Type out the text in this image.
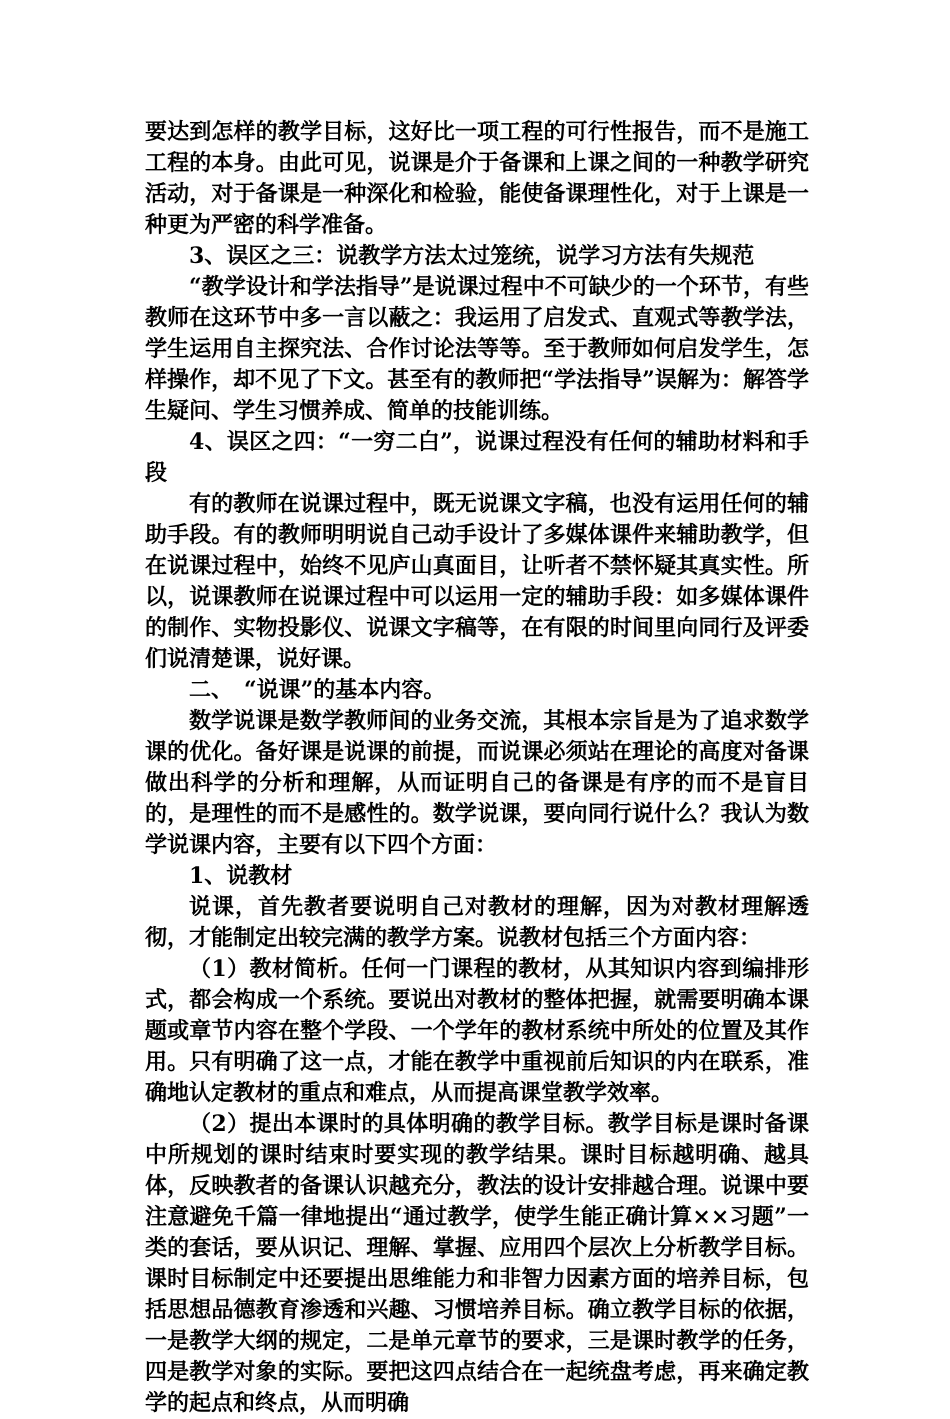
要达到怎样的教学目标，这好比一项工程的可行性报告，而不是施工工程的本身。由此可见，说课是介于备课和上课之间的一种教学研究活动，对于备课是一种深化和检验，能使备课理性化，对于上课是一种更为严密的科学准备。

3、误区之三：说教学方法太过笼统，说学习方法有失规范

“教学设计和学法指导”是说课过程中不可缺少的一个环节，有些教师在这环节中多一言以蔽之：我运用了启发式、直观式等教学法，学生运用自主探究法、合作讨论法等等。至于教师如何启发学生，怎样操作，却不见了下文。甚至有的教师把“学法指导”误解为：解答学生疑问、学生习惯养成、简单的技能训练。

4、误区之四：“一穷二白”，说课过程没有任何的辅助材料和手段

有的教师在说课过程中，既无说课文字稿，也没有运用任何的辅助手段。有的教师明明说自己动手设计了多媒体课件来辅助教学，但在说课过程中，始终不见庐山真面目，让听者不禁怀疑其真实性。所以，说课教师在说课过程中可以运用一定的辅助手段：如多媒体课件的制作、实物投影仪、说课文字稿等，在有限的时间里向同行及评委们说清楚课，说好课。

二、　“说课”的基本内容。

数学说课是数学教师间的业务交流，其根本宗旨是为了追求数学课的优化。备好课是说课的前提，而说课必须站在理论的高度对备课做出科学的分析和理解，从而证明自己的备课是有序的而不是盲目的，是理性的而不是感性的。数学说课，要向同行说什么？我认为数学说课内容，主要有以下四个方面：

1、说教材

说课，首先教者要说明自己对教材的理解，因为对教材理解透彻，才能制定出较完满的教学方案。说教材包括三个方面内容：

（1）教材简析。任何一门课程的教材，从其知识内容到编排形式，都会构成一个系统。要说出对教材的整体把握，就需要明确本课题或章节内容在整个学段、一个学年的教材系统中所处的位置及其作用。只有明确了这一点，才能在教学中重视前后知识的内在联系，准确地认定教材的重点和难点，从而提高课堂教学效率。

（2）提出本课时的具体明确的教学目标。教学目标是课时备课中所规划的课时结束时要实现的教学结果。课时目标越明确、越具体，反映教者的备课认识越充分，教法的设计安排越合理。说课中要注意避免千篇一律地提出“通过教学，使学生能正确计算××习题”一类的套话，要从识记、理解、掌握、应用四个层次上分析教学目标。课时目标制定中还要提出思维能力和非智力因素方面的培养目标，包括思想品德教育渗透和兴趣、习惯培养目标。确立教学目标的依据，一是教学大纲的规定，二是单元章节的要求，三是课时教学的任务，四是教学对象的实际。要把这四点结合在一起统盘考虑，再来确定教学的起点和终点，从而明确
